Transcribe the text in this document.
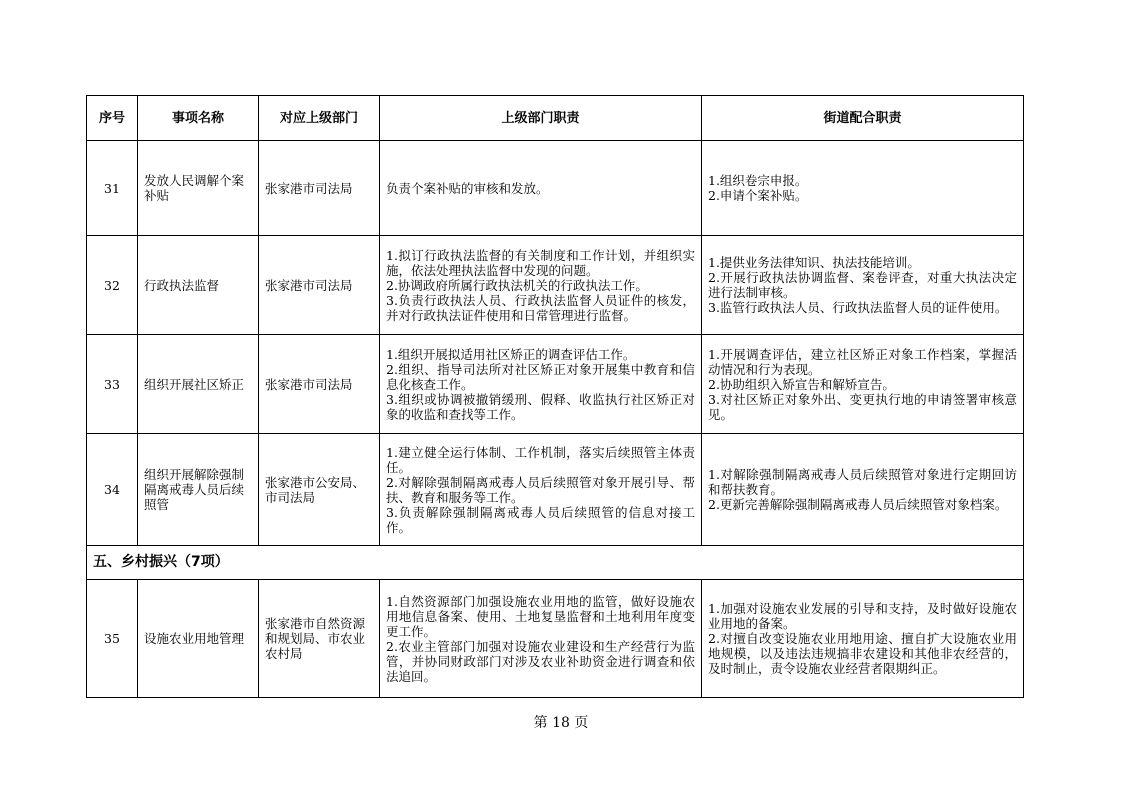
序号	事项名称	对应上级部门	上级部门职责	街道配合职责
31	发放人民调解个案补贴	张家港市司法局	负责个案补贴的审核和发放。	1.组织卷宗申报。
2.申请个案补贴。

32	行政执法监督	张家港市司法局	1.拟订行政执法监督的有关制度和工作计划，并组织实施，依法处理执法监督中发现的问题。
2.协调政府所属行政执法机关的行政执法工作。
3.负责行政执法人员、行政执法监督人员证件的核发，并对行政执法证件使用和日常管理进行监督。	1.提供业务法律知识、执法技能培训。
2.开展行政执法协调监督、案卷评查，对重大执法决定进行法制审核。
3.监管行政执法人员、行政执法监督人员的证件使用。

33	组织开展社区矫正	张家港市司法局	1.组织开展拟适用社区矫正的调查评估工作。
2.组织、指导司法所对社区矫正对象开展集中教育和信息化核查工作。
3.组织或协调被撤销缓刑、假释、收监执行社区矫正对象的收监和查找等工作。	1.开展调查评估，建立社区矫正对象工作档案，掌握活动情况和行为表现。
2.协助组织入矫宣告和解矫宣告。
3.对社区矫正对象外出、变更执行地的申请签署审核意见。

34	组织开展解除强制隔离戒毒人员后续照管	张家港市公安局、市司法局	1.建立健全运行体制、工作机制，落实后续照管主体责任。
2.对解除强制隔离戒毒人员后续照管对象开展引导、帮扶、教育和服务等工作。
3.负责解除强制隔离戒毒人员后续照管的信息对接工作。	1.对解除强制隔离戒毒人员后续照管对象进行定期回访和帮扶教育。
2.更新完善解除强制隔离戒毒人员后续照管对象档案。

五、乡村振兴（7项）				
35	设施农业用地管理	张家港市自然资源和规划局、市农业农村局	1.自然资源部门加强设施农业用地的监管，做好设施农用地信息备案、使用、土地复垦监督和土地利用年度变更工作。
2.农业主管部门加强对设施农业建设和生产经营行为监管，并协同财政部门对涉及农业补助资金进行调查和依法追回。	1.加强对设施农业发展的引导和支持，及时做好设施农业用地的备案。
2.对擅自改变设施农业用地用途、擅自扩大设施农业用地规模，以及违法违规搞非农建设和其他非农经营的，及时制止，责令设施农业经营者限期纠正。
第 18 页
